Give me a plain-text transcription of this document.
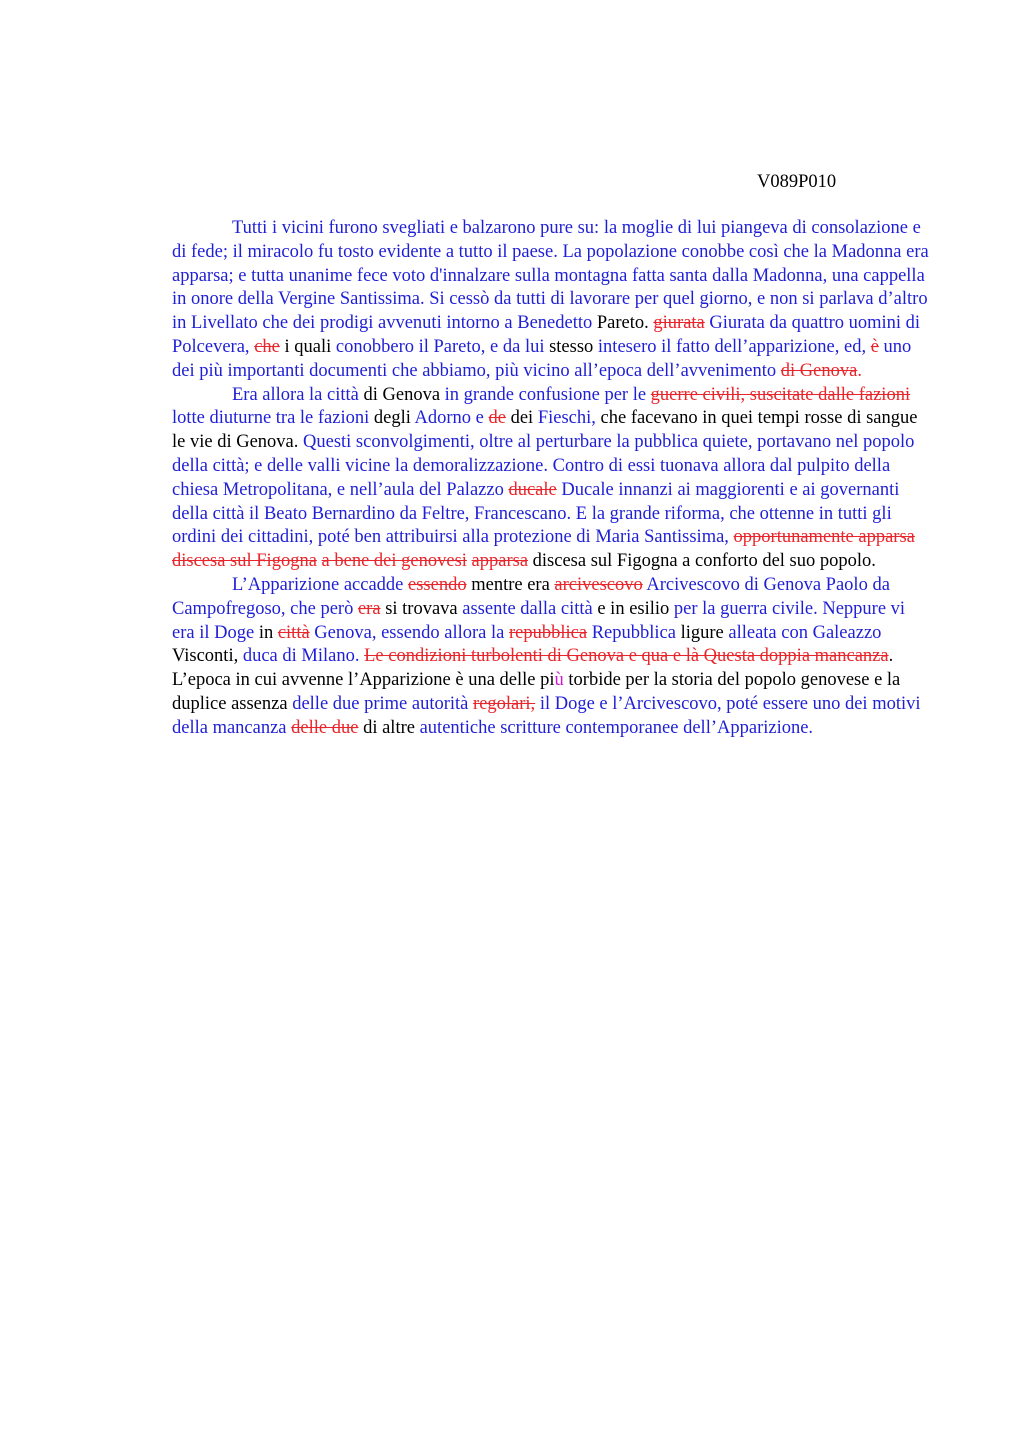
V089P010

Tutti i vicini furono svegliati e balzarono pure su: la moglie di lui piangeva di consolazione e di fede; il miracolo fu tosto evidente a tutto il paese. La popolazione conobbe così che la Madonna era apparsa; e tutta unanime fece voto d'innalzare sulla montagna fatta santa dalla Madonna, una cappella in onore della Vergine Santissima. Si cessò da tutti di lavorare per quel giorno, e non si parlava d’altro in Livellato che dei prodigi avvenuti intorno a Benedetto Pareto. giurata Giurata da quattro uomini di Polcevera, che i quali conobbero il Pareto, e da lui stesso intesero il fatto dell’apparizione, ed, è uno dei più importanti documenti che abbiamo, più vicino all’epoca dell’avvenimento di Genova.

Era allora la città di Genova in grande confusione per le guerre civili, suscitate dalle fazioni lotte diuturne tra le fazioni degli Adorno e de dei Fieschi, che facevano in quei tempi rosse di sangue le vie di Genova. Questi sconvolgimenti, oltre al perturbare la pubblica quiete, portavano nel popolo della città; e delle valli vicine la demoralizzazione. Contro di essi tuonava allora dal pulpito della chiesa Metropolitana, e nell’aula del Palazzo ducale Ducale innanzi ai maggiorenti e ai governanti della città il Beato Bernardino da Feltre, Francescano. E la grande riforma, che ottenne in tutti gli ordini dei cittadini, poté ben attribuirsi alla protezione di Maria Santissima, opportunamente apparsa discesa sul Figogna a bene dei genovesi apparsa discesa sul Figogna a conforto del suo popolo.

L’Apparizione accadde essendo mentre era arcivescovo Arcivescovo di Genova Paolo da Campofregoso, che però era si trovava assente dalla città e in esilio per la guerra civile. Neppure vi era il Doge in città Genova, essendo allora la repubblica Repubblica ligure alleata con Galeazzo Visconti, duca di Milano. Le condizioni turbolenti di Genova e qua e là Questa doppia mancanza. L’epoca in cui avvenne l’Apparizione è una delle più torbide per la storia del popolo genovese e la duplice assenza delle due prime autorità regolari, il Doge e l’Arcivescovo, poté essere uno dei motivi della mancanza delle due di altre autentiche scritture contemporanee dell’Apparizione.
